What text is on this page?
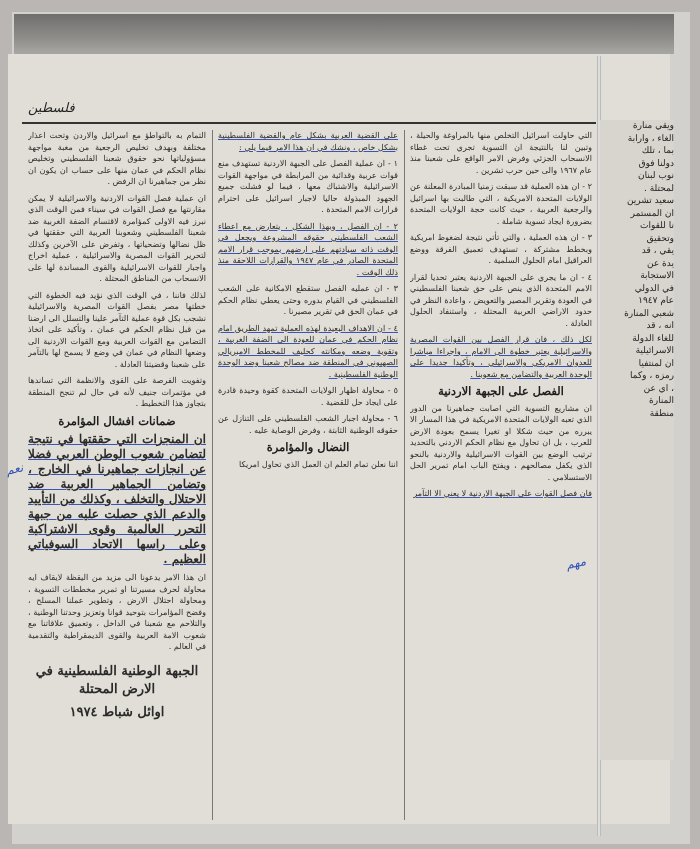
فلسطين

التي حاولت اسرائيل التخلص منها بالمراوغة والحيلة ، وتبين لنا بالنتيجة ان التسوية تجري تحت غطاء الانسحاب الجزئي وفرض الامر الواقع على شعبنا منذ عام ١٩٦٧ والى حين حرب تشرين .

٢ - ان هذه العملية قد سبقت زمنيا المبادرة المعلنة عن الولايات المتحدة الامريكية ، التي طالبت بها اسرائيل والرجعية العربية ، حيث كانت حجة الولايات المتحدة بضرورة ايجاد تسوية شاملة .

٣ - ان هذه العملية ، والتي تأتي نتيجة لضغوط امريكية وبخطط مشتركة ، تستهدف تعميق الفرقة ووضع العراقيل امام الحلول السلمية .

٤ - ان ما يجري على الجبهة الاردنية يعتبر تحديا لقرار الامم المتحدة الذي ينص على حق شعبنا الفلسطيني في العودة وتقرير المصير والتعويض ، واعادة النظر في حدود الاراضي العربية المحتلة ، واستنفاد الحلول العادلة .

لكل ذلك ، فان قرار الفصل بين القوات المصرية والاسرائيلية يعتبر خطوة الى الامام ، واجراءا مباشرا للعدوان الامريكي والاسرائيلي ، وتأكيدا جديدا على الوحدة العربية والتضامن مع شعوبنا .

الفصل على الجبهة الاردنية

ان مشاريع التسوية التي اصابت جماهيرنا من الدور الذي تعبه الولايات المتحدة الامريكية في هذا المسار الا يبرره من حيث شكلا او تغيرا يسمح بعودة الارض للعرب ، بل ان تحاول مع نظام الحكم الاردني بالتحديد ترتيب الوضع بين القوات الاسرائيلية والاردنية بالنحو الذي يكفل مصالحهم ، ويفتح الباب امام تمرير الحل الاستسلامي .

فان فصل القوات على الجبهة الاردنية لا يعني الا التآمر

على القضية العربية بشكل عام والقضية الفلسطينية بشكل خاص ، ونشك في ان هذا الامر فيما يلي :

١ - ان عملية الفصل على الجبهة الاردنية تستهدف منع قوات عربية وقدائية من المرابطة في مواجهة القوات الاسرائيلية والاشتباك معها ، فيما لو فشلت جميع الجهود المبذولة حاليا لاجبار اسرائيل على احترام قرارات الامم المتحدة .

٢ - ان الفصل ، وبهذا الشكل ، يتعارض مع اعطاء الشعب الفلسطيني حقوقه المشروعة ويجعل في الوقت ذاته سيادتهم على ارضهم بموجب قرار الامم المتحدة الصادر في عام ١٩٤٧ والقرارات اللاحقة منذ ذلك الوقت .

٣ - ان عمليه الفصل ستقطع الامكانية على الشعب الفلسطيني في القيام بدوره وحتى يعطي نظام الحكم في عمان الحق في تقرير مصيرنا .

٤ - ان الاهداف البعيدة لهذه العملية تمهد الطريق امام نظام الحكم في عمان للعودة الى الضفة الغربية ، وتقوية وضعه ومكانته كحليف للمخطط الامبريالي الصهيوني في المنطقة ضد مصالح شعبنا وضد الوحدة الوطنية الفلسطينية .

٥ - محاولة اظهار الولايات المتحدة كقوة وحيدة قادرة على ايجاد حل للقضية .

٦ - محاولة اجبار الشعب الفلسطيني على التنازل عن حقوقه الوطنية الثابتة ، وفرض الوصاية عليه .

النضال والمؤامرة

اننا نعلن تمام العلم ان العمل الذي تحاول امريكا

التمام به بالتواطؤ مع اسرائيل والاردن وتحت اعذار مختلفة وبهدف تخليص الرجعية من مغبة مواجهة مسؤولياتها نحو حقوق شعبنا الفلسطيني وتخليص نظام الحكم في عمان منها على حساب ان يكون ان نظر من جماهيرنا ان الرفض .

ان عملية فصل القوات الاردنية والاسرائيلية لا يمكن مقارنتها مع فصل القوات في سيناء فمن الوقت الذي نبرز فيه الاولى كمؤامرة لاقتسام الضفة الغربية ضد شعبنا الفلسطيني وشعوبنا العربية التي حققتها في ظل نضالها وتضحياتها ، وتفرض على الآخرين وكذلك لتحرير القوات المصرية والاسرائيلية ، عملية اخراج واجبار للقوات الاسرائيلية والقوى المساندة لها على الانسحاب من المناطق المحتلة .

لذلك فاننا ، في الوقت الذي نؤيد فيه الخطوة التي خطتها مصر بفصل القوات المصرية والاسرائيلية نشجب بكل قوة عملية التآمر علينا والتسلل الى ارضنا من قبل نظام الحكم في عمان ، وتأكيد على اتخاذ التضامن مع القوات العربية ومع القوات الاردنية الى وضعها النظام في عمان في وضع لا يسمح لها بالتآمر على شعبنا وقضيتنا العادلة .

وتفويت الفرصة على القوى والانظمة التي تساندها في مؤتمرات جنيف لأنه في حال لم تنجح المنطقة بتجاوز هذا التخطيط .

ضمانات افشال المؤامرة

ان المنجزات التي حققتها في نتيجة لتضامن شعوب الوطن العربي فضلا عن انجازات جماهيرنا في الخارج ، وتضامن الجماهير العربية ضد الاحتلال والتخلف ، وكذلك من التأييد والدعم الذي حصلت عليه من جبهة التحرر العالمية وقوى الاشتراكية وعلى راسها الاتحاد السوفياتي العظيم .

ان هذا الامر يدعونا الى مزيد من اليقظة لايقاف ايه محاولة لحرف مسيرتنا او تمرير مخططات التسوية ، ومحاولة احتلال الارض ، وتطوير عملنا المسلح ، وفضح المؤامرات بتوحيد قوانا وتعزيز وحدتنا الوطنية ، والتلاحم مع شعبنا في الداخل ، وتعميق علاقاتنا مع شعوب الامة العربية والقوى الديمقراطية والتقدمية في العالم .

الجبهة الوطنية الفلسطينية في الارض المحتلة
اوائل شباط ١٩٧٤
ويقي منارة
الغاء ، وارابة
بما ، تلك
دولنا فوق
نوب لبنان
لمحتلة .
سعيد تشرين
ان المستمر
نا للقوات
وتحقيق
يقي ، قد
يدة عن
الاستجابة
في الدولي
عام ١٩٤٧
شعبي المنارة
انه ، قد
للغاء الدولة
الاسرائيلية
ان لمنتفيا
رمزه ، وكما
، اي عن
المنارة
منطقة
نعم
مهم
